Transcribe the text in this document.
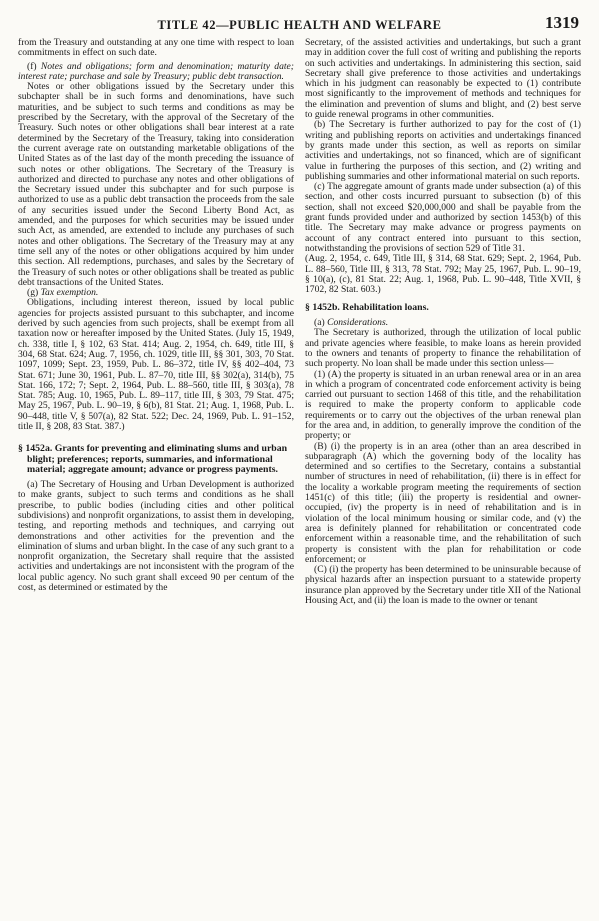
TITLE 42—PUBLIC HEALTH AND WELFARE	1319

from the Treasury and outstanding at any one time with respect to loan commitments in effect on such date.

(f) Notes and obligations; form and denomination; maturity date; interest rate; purchase and sale by Treasury; public debt transaction.

Notes or other obligations issued by the Secretary under this subchapter shall be in such forms and denominations, have such maturities, and be subject to such terms and conditions as may be prescribed by the Secretary, with the approval of the Secretary of the Treasury. Such notes or other obligations shall bear interest at a rate determined by the Secretary of the Treasury, taking into consideration the current average rate on outstanding marketable obligations of the United States as of the last day of the month preceding the issuance of such notes or other obligations. The Secretary of the Treasury is authorized and directed to purchase any notes and other obligations of the Secretary issued under this subchapter and for such purpose is authorized to use as a public debt transaction the proceeds from the sale of any securities issued under the Second Liberty Bond Act, as amended, and the purposes for which securities may be issued under such Act, as amended, are extended to include any purchases of such notes and other obligations. The Secretary of the Treasury may at any time sell any of the notes or other obligations acquired by him under this section. All redemptions, purchases, and sales by the Secretary of the Treasury of such notes or other obligations shall be treated as public debt transactions of the United States.

(g) Tax exemption.

Obligations, including interest thereon, issued by local public agencies for projects assisted pursuant to this subchapter, and income derived by such agencies from such projects, shall be exempt from all taxation now or hereafter imposed by the United States. (July 15, 1949, ch. 338, title I, § 102, 63 Stat. 414; Aug. 2, 1954, ch. 649, title III, § 304, 68 Stat. 624; Aug. 7, 1956, ch. 1029, title III, §§ 301, 303, 70 Stat. 1097, 1099; Sept. 23, 1959, Pub. L. 86–372, title IV, §§ 402–404, 73 Stat. 671; June 30, 1961, Pub. L. 87–70, title III, §§ 302(a), 314(b), 75 Stat. 166, 172; 7; Sept. 2, 1964, Pub. L. 88–560, title III, § 303(a), 78 Stat. 785; Aug. 10, 1965, Pub. L. 89–117, title III, § 303, 79 Stat. 475; May 25, 1967, Pub. L. 90–19, § 6(b), 81 Stat. 21; Aug. 1, 1968, Pub. L. 90–448, title V, § 507(a), 82 Stat. 522; Dec. 24, 1969, Pub. L. 91–152, title II, § 208, 83 Stat. 387.)

§ 1452a. Grants for preventing and eliminating slums and urban blight; preferences; reports, summaries, and informational material; aggregate amount; advance or progress payments.

(a) The Secretary of Housing and Urban Development is authorized to make grants, subject to such terms and conditions as he shall prescribe, to public bodies (including cities and other political subdivisions) and nonprofit organizations, to assist them in developing, testing, and reporting methods and techniques, and carrying out demonstrations and other activities for the prevention and the elimination of slums and urban blight. In the case of any such grant to a nonprofit organization, the Secretary shall require that the assisted activities and undertakings are not inconsistent with the program of the local public agency. No such grant shall exceed 90 per centum of the cost, as determined or estimated by the

Secretary, of the assisted activities and undertakings, but such a grant may in addition cover the full cost of writing and publishing the reports on such activities and undertakings. In administering this section, said Secretary shall give preference to those activities and undertakings which in his judgment can reasonably be expected to (1) contribute most significantly to the improvement of methods and techniques for the elimination and prevention of slums and blight, and (2) best serve to guide renewal programs in other communities.

(b) The Secretary is further authorized to pay for the cost of (1) writing and publishing reports on activities and undertakings financed by grants made under this section, as well as reports on similar activities and undertakings, not so financed, which are of significant value in furthering the purposes of this section, and (2) writing and publishing summaries and other informational material on such reports.

(c) The aggregate amount of grants made under subsection (a) of this section, and other costs incurred pursuant to subsection (b) of this section, shall not exceed $20,000,000 and shall be payable from the grant funds provided under and authorized by section 1453(b) of this title. The Secretary may make advance or progress payments on account of any contract entered into pursuant to this section, notwithstanding the provisions of section 529 of Title 31.

(Aug. 2, 1954, c. 649, Title III, § 314, 68 Stat. 629; Sept. 2, 1964, Pub. L. 88–560, Title III, § 313, 78 Stat. 792; May 25, 1967, Pub. L. 90–19, § 10(a), (c), 81 Stat. 22; Aug. 1, 1968, Pub. L. 90–448, Title XVII, § 1702, 82 Stat. 603.)

§ 1452b. Rehabilitation loans.

(a) Considerations.

The Secretary is authorized, through the utilization of local public and private agencies where feasible, to make loans as herein provided to the owners and tenants of property to finance the rehabilitation of such property. No loan shall be made under this section unless—

(1) (A) the property is situated in an urban renewal area or in an area in which a program of concentrated code enforcement activity is being carried out pursuant to section 1468 of this title, and the rehabilitation is required to make the property conform to applicable code requirements or to carry out the objectives of the urban renewal plan for the area and, in addition, to generally improve the condition of the property; or

(B) (i) the property is in an area (other than an area described in subparagraph (A) which the governing body of the locality has determined and so certifies to the Secretary, contains a substantial number of structures in need of rehabilitation, (ii) there is in effect for the locality a workable program meeting the requirements of section 1451(c) of this title; (iii) the property is residential and owner-occupied, (iv) the property is in need of rehabilitation and is in violation of the local minimum housing or similar code, and (v) the area is definitely planned for rehabilitation or concentrated code enforcement within a reasonable time, and the rehabilitation of such property is consistent with the plan for rehabilitation or code enforcement; or

(C) (i) the property has been determined to be uninsurable because of physical hazards after an inspection pursuant to a statewide property insurance plan approved by the Secretary under title XII of the National Housing Act, and (ii) the loan is made to the owner or tenant
